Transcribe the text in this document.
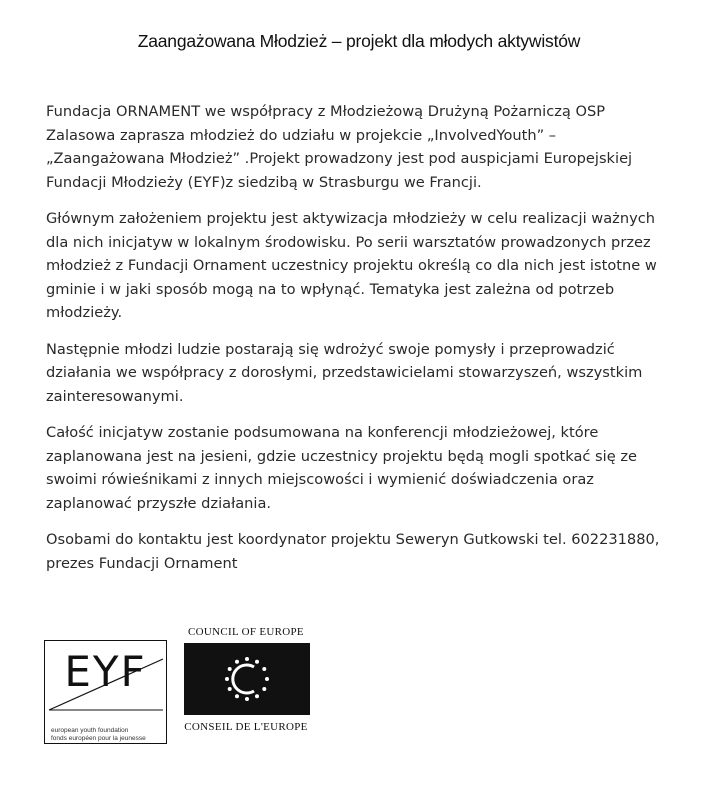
Zaangażowana Młodzież – projekt dla młodych aktywistów

Fundacja ORNAMENT we współpracy z Młodzieżową Drużyną Pożarniczą OSP Zalasowa zaprasza młodzież do udziału w projekcie „InvolvedYouth” – „Zaangażowana Młodzież” .Projekt prowadzony jest pod auspicjami Europejskiej Fundacji Młodzieży (EYF)z siedzibą w Strasburgu we Francji.

Głównym założeniem projektu jest aktywizacja młodzieży w celu realizacji ważnych dla nich inicjatyw w lokalnym środowisku. Po serii warsztatów prowadzonych przez młodzież z Fundacji Ornament uczestnicy projektu określą co dla nich jest istotne w gminie i w jaki sposób mogą na to wpłynąć. Tematyka jest zależna od potrzeb młodzieży.

Następnie młodzi ludzie postarają się wdrożyć swoje pomysły i przeprowadzić działania we współpracy z dorosłymi, przedstawicielami stowarzyszeń, wszystkim zainteresowanymi.

Całość inicjatyw zostanie podsumowana na konferencji młodzieżowej, które zaplanowana jest na jesieni, gdzie uczestnicy projektu będą mogli spotkać się ze swoimi rówieśnikami z innych miejscowości i wymienić doświadczenia oraz zaplanować przyszłe działania.

Osobami do kontaktu jest koordynator projektu Seweryn Gutkowski tel. 602231880, prezes Fundacji Ornament

EYF
european youth foundation
fonds européen pour la jeunesse
COUNCIL OF EUROPE
CONSEIL DE L'EUROPE
